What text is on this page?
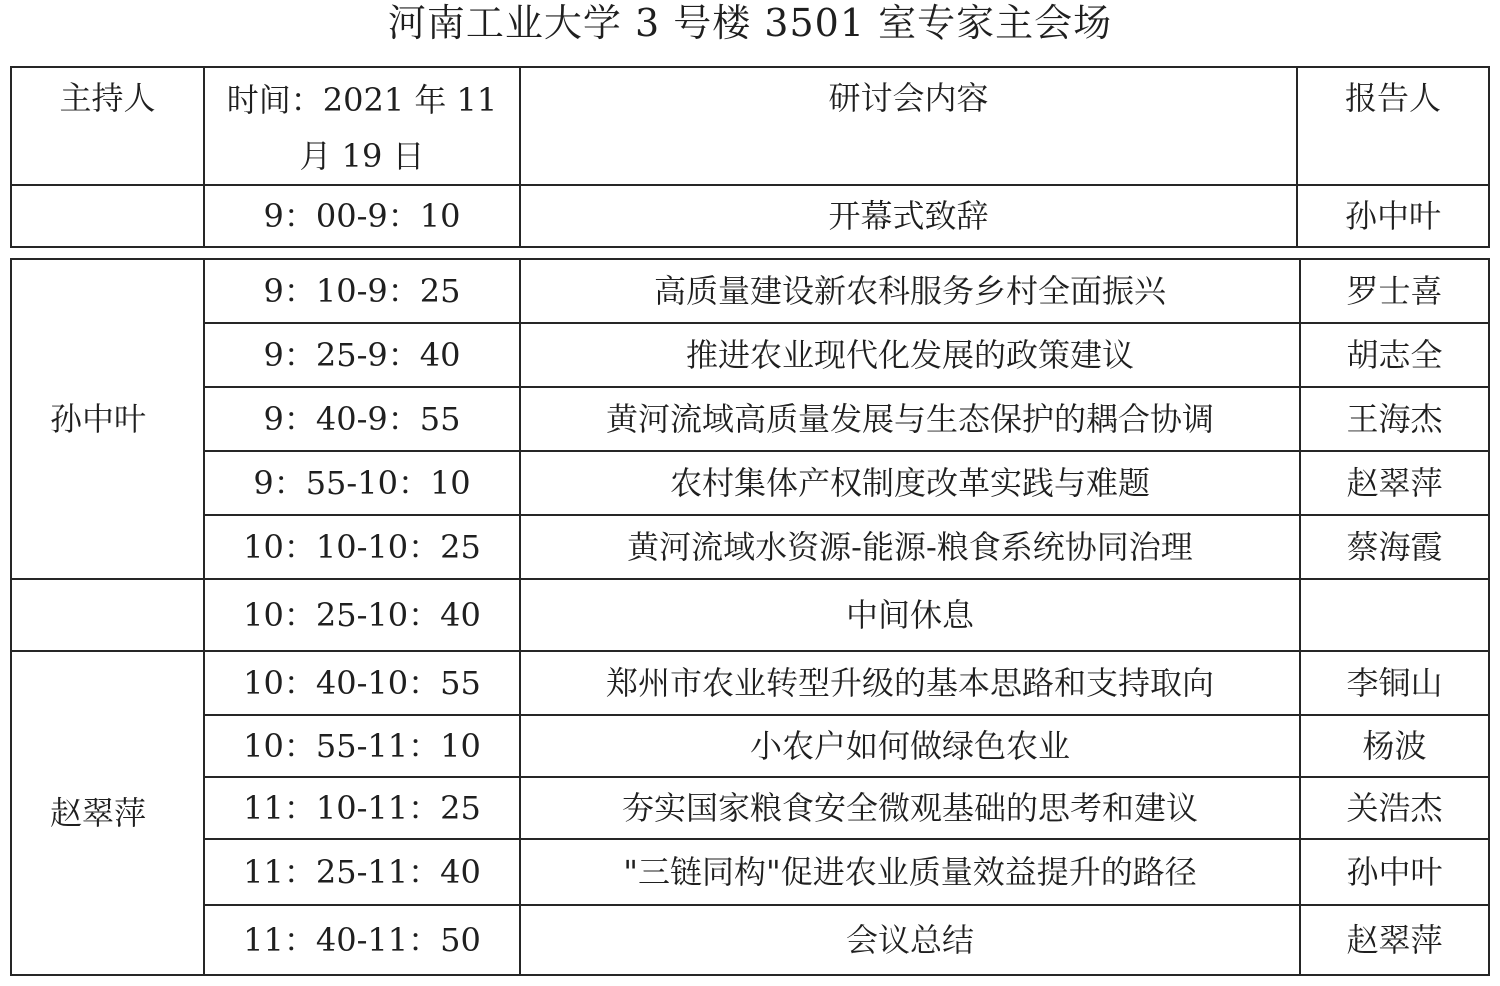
河南工业大学 3 号楼 3501 室专家主会场
主持人	时间：2021 年 11 月 19 日	研讨会内容	报告人
	9：00-9：10	开幕式致辞	孙中叶
孙中叶	9：10-9：25	高质量建设新农科服务乡村全面振兴	罗士喜
	9：25-9：40	推进农业现代化发展的政策建议	胡志全
	9：40-9：55	黄河流域高质量发展与生态保护的耦合协调	王海杰
	9：55-10：10	农村集体产权制度改革实践与难题	赵翠萍
	10：10-10：25	黄河流域水资源-能源-粮食系统协同治理	蔡海霞
	10：25-10：40	中间休息	
赵翠萍	10：40-10：55	郑州市农业转型升级的基本思路和支持取向	李铜山
	10：55-11：10	小农户如何做绿色农业	杨波
	11：10-11：25	夯实国家粮食安全微观基础的思考和建议	关浩杰
	11：25-11：40	"三链同构"促进农业质量效益提升的路径	孙中叶
	11：40-11：50	会议总结	赵翠萍
